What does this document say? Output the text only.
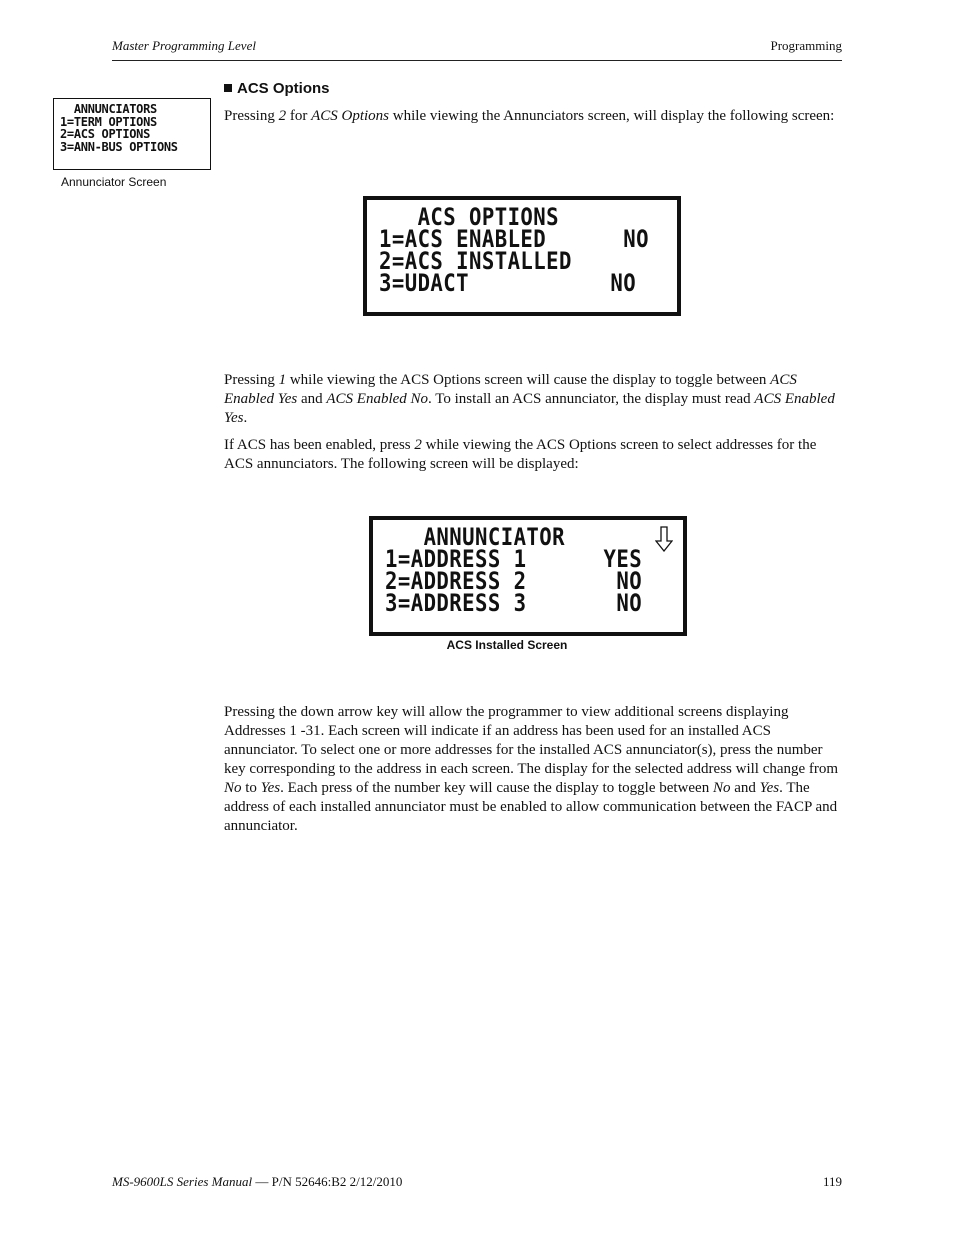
Master Programming Level	Programming
ANNUNCIATORS
1=TERM OPTIONS
2=ACS OPTIONS
3=ANN-BUS OPTIONS
Annunciator Screen
ACS Options
Pressing 2 for ACS Options while viewing the Annunciators screen, will display the following screen:
ACS OPTIONS
1=ACS ENABLED      NO
2=ACS INSTALLED
3=UDACT           NO
Pressing 1 while viewing the ACS Options screen will cause the display to toggle between ACS Enabled Yes and ACS Enabled No. To install an ACS annunciator, the display must read ACS Enabled Yes.
If ACS has been enabled, press 2 while viewing the ACS Options screen to select addresses for the ACS annunciators. The following screen will be displayed:
ANNUNCIATOR
1=ADDRESS 1      YES
2=ADDRESS 2       NO
3=ADDRESS 3       NO
ACS Installed Screen
Pressing the down arrow key will allow the programmer to view additional screens displaying Addresses 1 -31. Each screen will indicate if an address has been used for an installed ACS annunciator. To select one or more addresses for the installed ACS annunciator(s), press the number key corresponding to the address in each screen. The display for the selected address will change from No to Yes. Each press of the number key will cause the display to toggle between No and Yes. The address of each installed annunciator must be enabled to allow communication between the FACP and annunciator.
MS-9600LS Series Manual — P/N 52646:B2 2/12/2010	119
